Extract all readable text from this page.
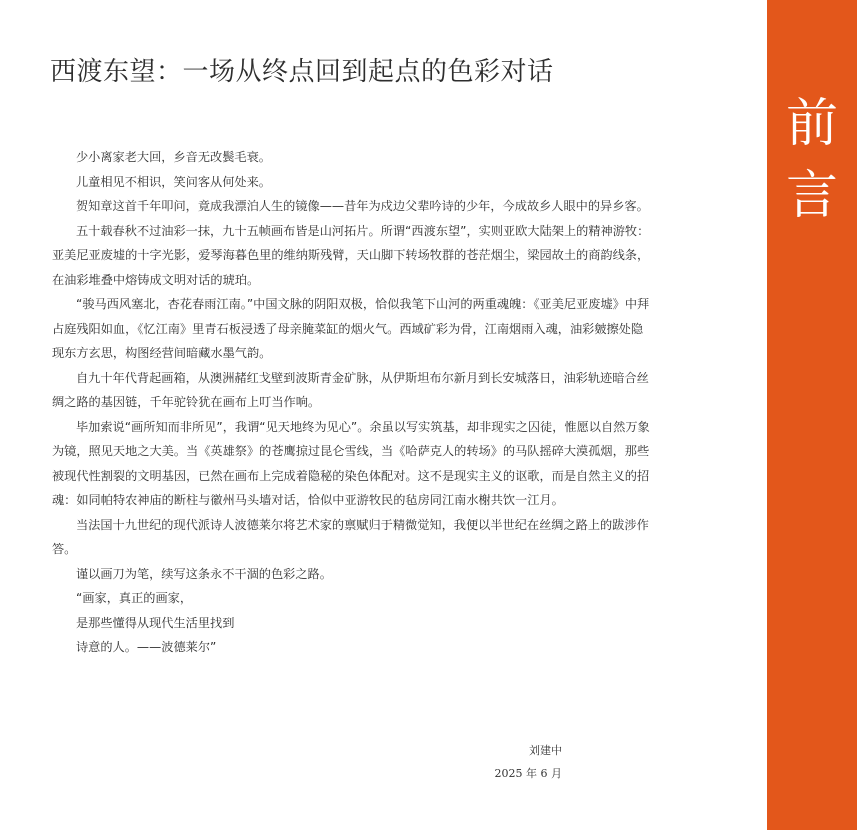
西渡东望：一场从终点回到起点的色彩对话

少小离家老大回，乡音无改鬓毛衰。

儿童相见不相识，笑问客从何处来。

贺知章这首千年叩问，竟成我漂泊人生的镜像——昔年为戍边父辈吟诗的少年，今成故乡人眼中的异乡客。

五十载春秋不过油彩一抹，九十五帧画布皆是山河拓片。所谓“西渡东望”，实则亚欧大陆架上的精神游牧：亚美尼亚废墟的十字光影，爱琴海暮色里的维纳斯残臂，天山脚下转场牧群的苍茫烟尘，梁园故土的商韵线条，在油彩堆叠中熔铸成文明对话的琥珀。

“骏马西风塞北，杏花春雨江南。”中国文脉的阴阳双极，恰似我笔下山河的两重魂魄：《亚美尼亚废墟》中拜占庭残阳如血，《忆江南》里青石板浸透了母亲腌菜缸的烟火气。西域矿彩为骨，江南烟雨入魂，油彩皴擦处隐现东方玄思，构图经营间暗藏水墨气韵。

自九十年代背起画箱，从澳洲赭红戈壁到波斯青金矿脉，从伊斯坦布尔新月到长安城落日，油彩轨迹暗合丝绸之路的基因链，千年驼铃犹在画布上叮当作响。

毕加索说“画所知而非所见”，我谓“见天地终为见心”。余虽以写实筑基，却非现实之囚徒，惟愿以自然万象为镜，照见天地之大美。当《英雄祭》的苍鹰掠过昆仑雪线，当《哈萨克人的转场》的马队摇碎大漠孤烟，那些被现代性割裂的文明基因，已然在画布上完成着隐秘的染色体配对。这不是现实主义的讴歌，而是自然主义的招魂：如同帕特农神庙的断柱与徽州马头墙对话，恰似中亚游牧民的毡房同江南水榭共饮一江月。

当法国十九世纪的现代派诗人波德莱尔将艺术家的禀赋归于精微觉知，我便以半世纪在丝绸之路上的跋涉作答。

谨以画刀为笔，续写这条永不干涸的色彩之路。

“画家，真正的画家，

是那些懂得从现代生活里找到

诗意的人。——波德莱尔”

刘建中
2025 年 6 月
前
言
